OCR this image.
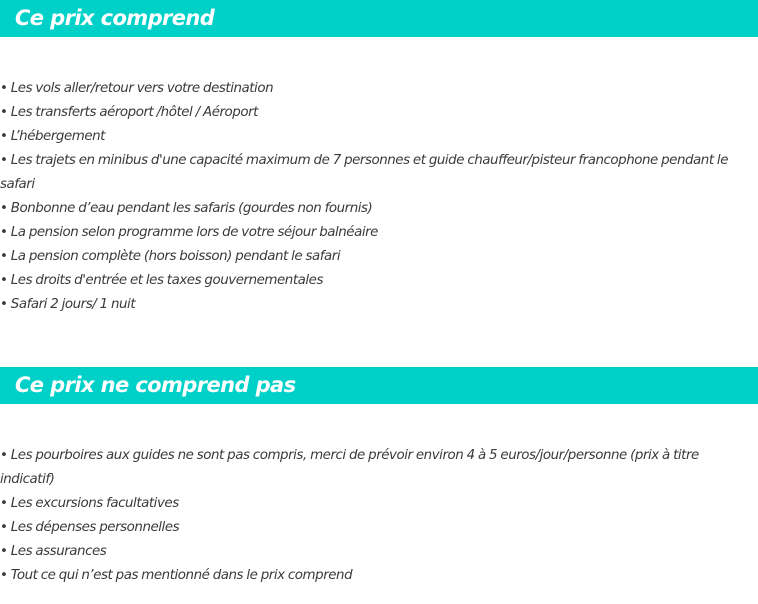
Ce prix comprend
• Les vols aller/retour vers votre destination
• Les transferts aéroport /hôtel / Aéroport
• L’hébergement
• Les trajets en minibus d'une capacité maximum de 7 personnes et guide chauffeur/pisteur francophone pendant le safari
• Bonbonne d’eau pendant les safaris (gourdes non fournis)
• La pension selon programme lors de votre séjour balnéaire
• La pension complète (hors boisson) pendant le safari
• Les droits d'entrée et les taxes gouvernementales
• Safari 2 jours/ 1 nuit
Ce prix ne comprend pas
• Les pourboires aux guides ne sont pas compris, merci de prévoir environ 4 à 5 euros/jour/personne (prix à titre indicatif)
• Les excursions facultatives
• Les dépenses personnelles
• Les assurances
• Tout ce qui n’est pas mentionné dans le prix comprend
